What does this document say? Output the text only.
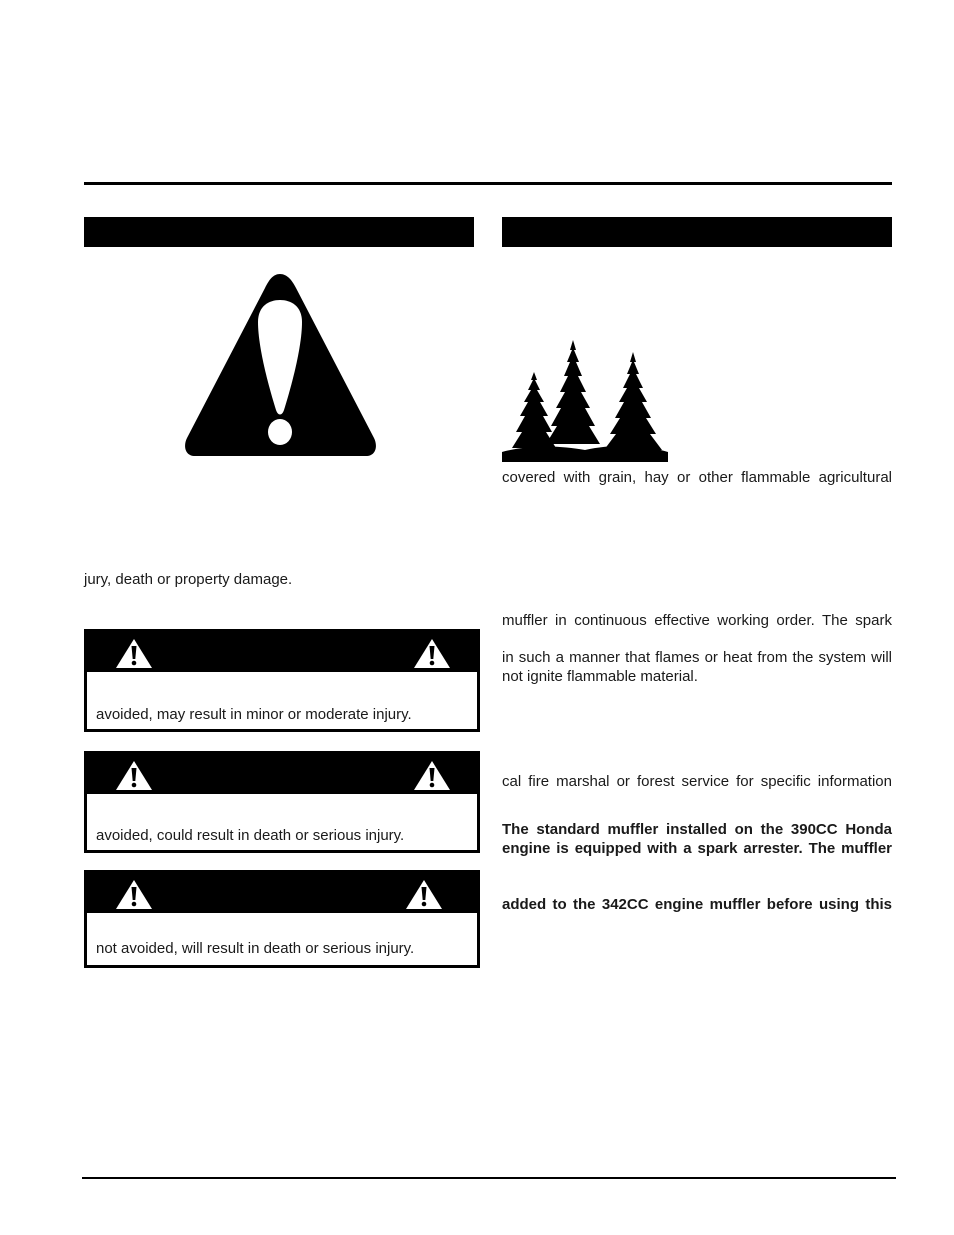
jury, death or property damage.

avoided, may result in minor or moderate injury.

avoided, could result in death or serious injury.

not avoided, will result in death or serious injury.

covered with grain, hay or other flammable agricultural

muffler in continuous effective working order. The spark

in such a manner that flames or heat from the system will

not ignite flammable material.

cal fire marshal or forest service for specific information

The standard muffler installed on the 390CC Honda

engine is equipped with a spark arrester. The muffler

added to the 342CC engine muffler before using this
